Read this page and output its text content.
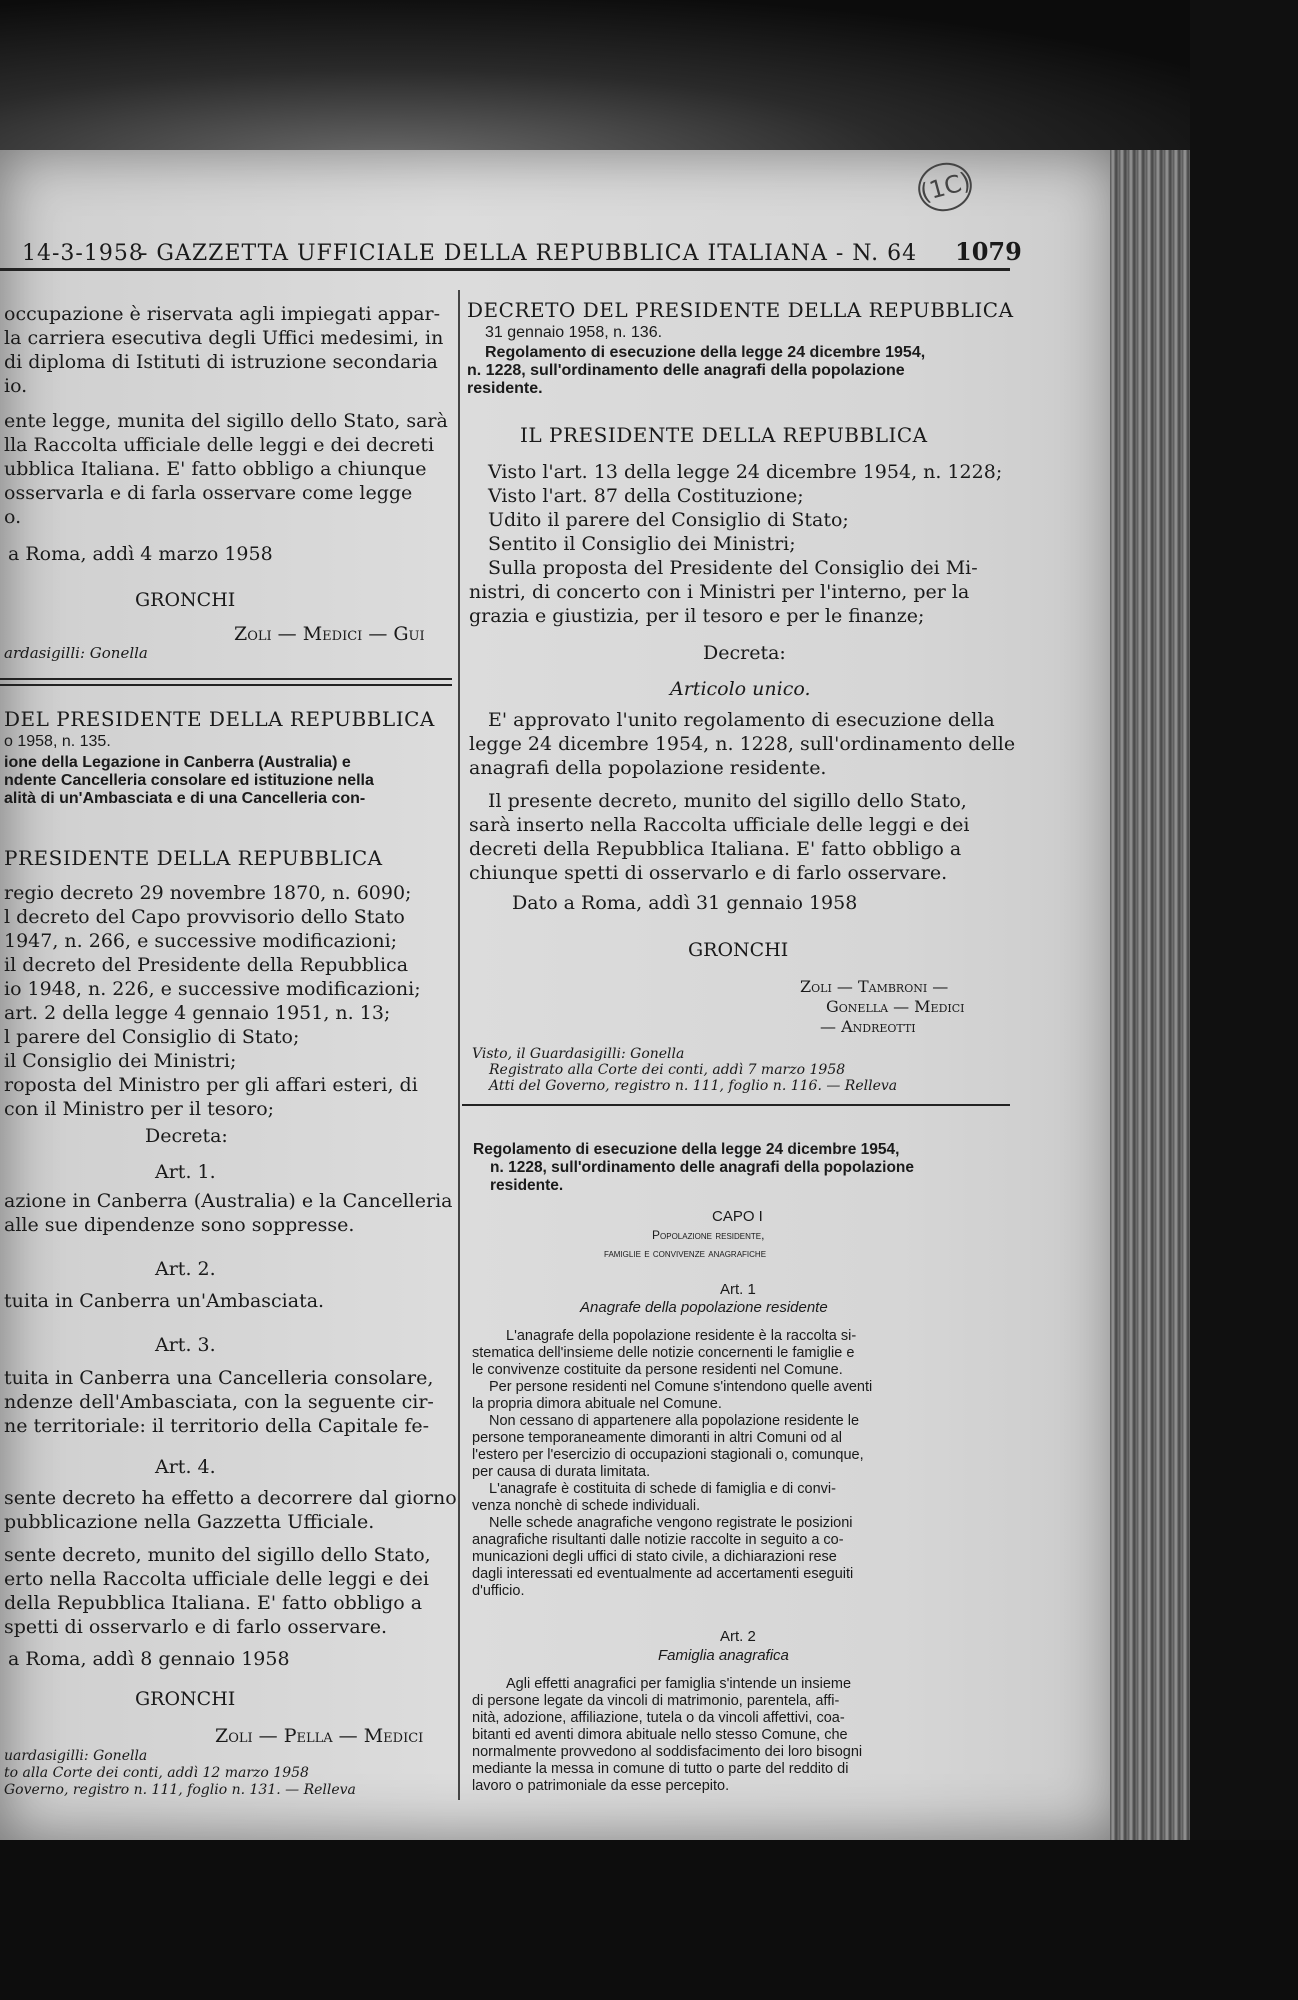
(1C)
14-3-1958
- GAZZETTA UFFICIALE DELLA REPUBBLICA ITALIANA - N. 64 1079
occupazione è riservata agli impiegati appar-
la carriera esecutiva degli Uffici medesimi, in
di diploma di Istituti di istruzione secondaria
io.
ente legge, munita del sigillo dello Stato, sarà
lla Raccolta ufficiale delle leggi e dei decreti
ubblica Italiana. E' fatto obbligo a chiunque
osservarla e di farla osservare come legge
o.
a Roma, addì 4 marzo 1958
GRONCHI
Zoli — Medici — Gui
ardasigilli: Gonella
DEL PRESIDENTE DELLA REPUBBLICA
o 1958, n. 135.
ione della Legazione in Canberra (Australia) e
ndente Cancelleria consolare ed istituzione nella
alità di un'Ambasciata e di una Cancelleria con-
PRESIDENTE DELLA REPUBBLICA
regio decreto 29 novembre 1870, n. 6090;
l decreto del Capo provvisorio dello Stato
1947, n. 266, e successive modificazioni;
il decreto del Presidente della Repubblica
io 1948, n. 226, e successive modificazioni;
art. 2 della legge 4 gennaio 1951, n. 13;
l parere del Consiglio di Stato;
il Consiglio dei Ministri;
roposta del Ministro per gli affari esteri, di
con il Ministro per il tesoro;
Decreta:
Art. 1.
azione in Canberra (Australia) e la Cancelleria
alle sue dipendenze sono soppresse.
Art. 2.
tuita in Canberra un'Ambasciata.
Art. 3.
tuita in Canberra una Cancelleria consolare,
ndenze dell'Ambasciata, con la seguente cir-
ne territoriale: il territorio della Capitale fe-
Art. 4.
sente decreto ha effetto a decorrere dal giorno
pubblicazione nella Gazzetta Ufficiale.
sente decreto, munito del sigillo dello Stato,
erto nella Raccolta ufficiale delle leggi e dei
della Repubblica Italiana. E' fatto obbligo a
spetti di osservarlo e di farlo osservare.
a Roma, addì 8 gennaio 1958
GRONCHI
Zoli — Pella — Medici
uardasigilli: Gonella
to alla Corte dei conti, addì 12 marzo 1958
Governo, registro n. 111, foglio n. 131. — Relleva
DECRETO DEL PRESIDENTE DELLA REPUBBLICA
31 gennaio 1958, n. 136.
Regolamento di esecuzione della legge 24 dicembre 1954,
n. 1228, sull'ordinamento delle anagrafi della popolazione
residente.
IL PRESIDENTE DELLA REPUBBLICA
Visto l'art. 13 della legge 24 dicembre 1954, n. 1228;
Visto l'art. 87 della Costituzione;
Udito il parere del Consiglio di Stato;
Sentito il Consiglio dei Ministri;
Sulla proposta del Presidente del Consiglio dei Mi-
nistri, di concerto con i Ministri per l'interno, per la
grazia e giustizia, per il tesoro e per le finanze;
Decreta:
Articolo unico.
E' approvato l'unito regolamento di esecuzione della
legge 24 dicembre 1954, n. 1228, sull'ordinamento delle
anagrafi della popolazione residente.
Il presente decreto, munito del sigillo dello Stato,
sarà inserto nella Raccolta ufficiale delle leggi e dei
decreti della Repubblica Italiana. E' fatto obbligo a
chiunque spetti di osservarlo e di farlo osservare.
Dato a Roma, addì 31 gennaio 1958
GRONCHI
Zoli — Tambroni —
Gonella — Medici
— Andreotti
Visto, il Guardasigilli: Gonella
Registrato alla Corte dei conti, addì 7 marzo 1958
Atti del Governo, registro n. 111, foglio n. 116. — Relleva
Regolamento di esecuzione della legge 24 dicembre 1954,
n. 1228, sull'ordinamento delle anagrafi della popolazione
residente.
CAPO I
Popolazione residente,
famiglie e convivenze anagrafiche
Art. 1
Anagrafe della popolazione residente
L'anagrafe della popolazione residente è la raccolta si-
stematica dell'insieme delle notizie concernenti le famiglie e
le convivenze costituite da persone residenti nel Comune.
Per persone residenti nel Comune s'intendono quelle aventi
la propria dimora abituale nel Comune.
Non cessano di appartenere alla popolazione residente le
persone temporaneamente dimoranti in altri Comuni od al
l'estero per l'esercizio di occupazioni stagionali o, comunque,
per causa di durata limitata.
L'anagrafe è costituita di schede di famiglia e di convi-
venza nonchè di schede individuali.
Nelle schede anagrafiche vengono registrate le posizioni
anagrafiche risultanti dalle notizie raccolte in seguito a co-
municazioni degli uffici di stato civile, a dichiarazioni rese
dagli interessati ed eventualmente ad accertamenti eseguiti
d'ufficio.
Art. 2
Famiglia anagrafica
Agli effetti anagrafici per famiglia s'intende un insieme
di persone legate da vincoli di matrimonio, parentela, affi-
nità, adozione, affiliazione, tutela o da vincoli affettivi, coa-
bitanti ed aventi dimora abituale nello stesso Comune, che
normalmente provvedono al soddisfacimento dei loro bisogni
mediante la messa in comune di tutto o parte del reddito di
lavoro o patrimoniale da esse percepito.
